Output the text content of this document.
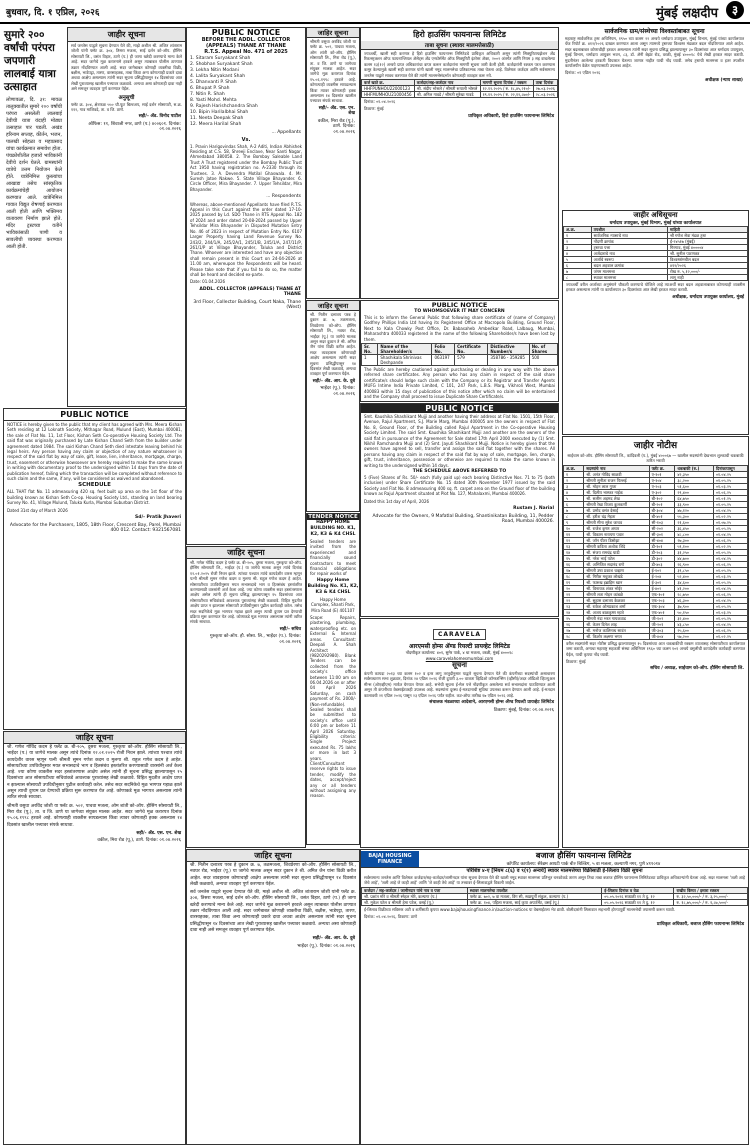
बुधवार, दि. १ एप्रिल, २०२६	मुंबई लक्षदीप	३
सुमारे २०० वर्षांची परंपरा जपणारी लालबाई यात्रा उत्साहात
लोणावळा, दि. ३१: मावळ तालुक्यातील सुमारे २०० वर्षांची परंपरा असलेली लालबाई देवीची यात्रा यंदाही मोठ्या उत्साहात पार पडली. अखंड हरिनाम सप्ताह, कीर्तन, भजन, पालखी सोहळा व महाप्रसाद यांचा कार्यक्रमात समावेश होता. पंचक्रोशीतील हजारो भाविकांनी देवीचे दर्शन घेतले. ग्रामस्थांनी यात्रेचे उत्तम नियोजन केले होते. यात्रेनिमित्त कुस्त्यांचा आखाडा तसेच सांस्कृतिक कार्यक्रमांचेही आयोजन करण्यात आले. यात्रेनिमित्त गावात विद्युत रोषणाई करण्यात आली होती आणि भक्तिमय वातावरण निर्माण झाले होते. मंदिर ट्रस्टच्या वतीने भाविकांसाठी पाणी व सावलीची व्यवस्था करण्यात आली होती.
जाहीर सूचना
सर्व जनतेस याद्वारे सूचना देण्यात येते की, माझे अशील श्री. अजित शांताराम जोशी यांनी फ्लॅट क्र. ३०४, तिसरा मजला, साई दर्शन को-ऑप. हौसिंग सोसायटी लि., वसंत विहार, ठाणे (प.) ही जागा खरेदी करण्याचे मान्य केले आहे. सदर जागेचे मूळ करारनामे हरवले असून त्याबाबत पोलीस ठाण्यात तक्रार नोंदविण्यात आली आहे. सदर जागेबाबत कोणाही व्यक्तीचा विक्री, बक्षीस, भाडेपट्टा, तारण, वारसाहक्क, ताबा किंवा अन्य कोणत्याही प्रकारे दावा अथवा आक्षेप असल्यास त्यांनी सदर सूचना प्रसिद्धीपासून १४ दिवसांच्या आत लेखी पुराव्यासह खालील पत्त्यावर कळवावे. अन्यथा असा कोणताही दावा नाही असे समजून व्यवहार पूर्ण करण्यात येईल.
अनुसूची
फ्लॅट क्र. ३०४, क्षेत्रफळ ५५० चौ.फूट बिल्टअप, साई दर्शन सोसायटी, स.क्र. ११२, गाव माजिवडे, ता. व जि. ठाणे.
सही/- अ‍ॅड. विनोद पाटील
ऑफिस: ११, शिवाजी नगर, ठाणे (प.) ४००६०१. दिनांक: ०१.०४.२०२६
PUBLIC NOTICE
NOTICE is hereby given to the public that my client has agreed with Mrs. Meera Kishan Seth residing at 12 Loknath Society, Mithagar Road, Mulund (East), Mumbai 400081, the sale of Flat No. 11, 1st Floor, Kishan Seth Co-operative Housing Society Ltd. The said flat was originally purchased by Late Kishan Chand Seth from the builder under agreement dated 1984. The said Kishan Chand Seth died intestate leaving behind his legal heirs. Any person having any claim or objection of any nature whatsoever in respect of the said flat by way of sale, gift, lease, lien, inheritance, mortgage, charge, trust, easement or otherwise howsoever are hereby required to make the same known in writing with documentary proof to the undersigned within 14 days from the date of publication hereof, failing which the transaction will be completed without reference to such claim and the same, if any, will be considered as waived and abandoned.
SCHEDULE
ALL THAT flat No. 11 admeasuring 420 sq. feet built up area on the 1st floor of the building known as Kishan Seth Co-op. Housing Society Ltd., standing on land bearing Survey No. 41, Village Mulund, Taluka Kurla, Mumbai Suburban District.
Dated 31st day of March 2026
Sd/- Pratik Jhaveri
Advocate for the Purchasers, 1805, 18th Floor, Crescent Bay, Parel, Mumbai 400 012. Contact: 9321567081
PUBLIC NOTICE
BEFORE THE ADDL. COLLECTOR (APPEALS) THANE AT THANE
R.T.S. Appeal No. 471 of 2025
1. Sitaram Suryakant Shah
2. Shobhan Suryakant Shah
3. Lekha Nitin Modani
4. Lalita Suryakant Shah
5. Dhanvanti P. Shah
6. Bhupat P. Shah
7. Nitin R. Shah
8. Yasti Mohd. Mehta
9. Rajesh Harishchandra Shah
10. Bipin Harilalbhai Shah
11. Neeta Deepak Shah
12. Meera Harilal Shah
... Appellants
Vs.
1. Pravin Harigovindas Shah, A-2 Aditi, Indian Abhishek Residing at C.S. 58, Shreeji Enclave, Near Santi Nagar, Ahmedabad 380058. 2. The Bombay Saleable Land Trust A Trust registered under the Bombay Public Trust Act 1950 having registration no. A-2330 through its Trustees. 3. A. Devendra Motilal Ghaswala. 4. Mr. Suresh Jatoe Nakwe. 5. State Village Bhayander. 6. Circle Officer, Mira Bhayander. 7. Upper Tehsildar, Mira Bhayander.
... Respondents
Whereas, above-mentioned Appellants have filed R.T.S. Appeal in this Court against the order dated 17-10-2025 passed by Ld. SDO Thane in RTS Appeal No. 182 of 2024 and order dated 20-08-2024 passed by Upper Tehsildar Mira Bhayander in Disputed Mutation Entry No. 46 of 2023 in respect of Mutation Entry No. 6107 Larger Property having Land Revenue Survey No. 243/2, 244/1/A, 245/2A/1, 245/1/B, 245/1/A, 247/11/P, 261/1/P at Village Bhayander, Taluka and District Thane. Whoever are interested and have any objection shall remain present in this Court on 24-04-2026 at 11.00 am, whereupon the Respondents will be heard. Please take note that if you fail to do so, the matter shall be heard and decided ex-parte.
Date: 01.04.2026
ADDL. COLLECTOR (APPEALS) THANE AT THANE
3rd Floor, Collector Building, Court Naka, Thane (West)
जाहिर सूचना
श्री. गणेश गोविंद कदम हे फ्लॅट क्र. बी-२०५, दुसरा मजला, गुरुकृपा को-ऑप. हौसिंग सोसायटी लि., भाईंदर (प.) या जागेचे मालक असून त्यांचे दिनांक १२.०१.२०२५ रोजी निधन झाले. त्यांच्या पश्चात त्यांचे कायदेशीर वारस म्हणून पत्नी श्रीमती सुमन गणेश कदम व मुलगा श्री. राहुल गणेश कदम हे आहेत. सोसायटीच्या उपविधीनुसार मयत सभासदाचे भाग व हितसंबंध हस्तांतरित करण्यासाठी वारसांनी अर्ज केला आहे. ज्या कोणा व्यक्तीस सदर हस्तांतरणास आक्षेप असेल त्यांनी ही सूचना प्रसिद्ध झाल्यापासून १५ दिवसांच्या आत सोसायटीच्या सचिवांकडे आवश्यक पुराव्यांसह लेखी कळवावे. विहित मुदतीत आक्षेप प्राप्त न झाल्यास सोसायटी उपविधीनुसार पुढील कार्यवाही करेल. तसेच सदर सदनिकेचे मूळ भागपत्र गहाळ झाले असून त्याची दुय्यम प्रत देण्याची प्रक्रिया सुरू करण्यात येत आहे. कोणाकडे मूळ भागपत्र असल्यास त्यांनी त्वरित संपर्क साधावा.
सही/- सचिव
गुरुकृपा को-ऑप. हौ. सोसा. लि., भाईंदर (प.). दिनांक: ०१.०४.२०२६
जाहिर सूचना
श्रीमती वसुधा अरविंद जोशी या फ्लॅट क्र. ५०२, पाचवा मजला, ओम शांती को-ऑप. हौसिंग सोसायटी लि., मिरा रोड (पू.), ता. व जि. ठाणे या जागेच्या संयुक्त मालक आहेत. सदर जागेचे मूळ करारपत्र दिनांक १५.०६.१९९८ हरवले आहे. कोणत्याही व्यक्तीस सापडल्यास किंवा त्यावर कोणताही हक्क असल्यास १४ दिवसांत खालील पत्त्यावर संपर्क साधावा.
सही/- अ‍ॅड. एस. एन. शेख
वकील, मिरा रोड (पू.), ठाणे. दिनांक: ०१.०४.२०२६
जाहिर सूचना
श्री. नितीन दत्तात्रय परब हे दुकान क्र. ७, तळमजला, शिवप्रेरणा को-ऑप. हौसिंग सोसायटी लि., नवघर रोड, भाईंदर (पू.) या जागेचे मालक असून सदर दुकान ते श्री. अमित जैन यांना विक्री करीत आहेत. सदर व्यवहारास कोणाचाही आक्षेप असल्यास त्यांनी सदर सूचना प्रसिद्धीपासून १४ दिवसांत लेखी कळवावे, अन्यथा व्यवहार पूर्ण करण्यात येईल.
सही/- अ‍ॅड. आर. के. दुबे
भाईंदर (पू.). दिनांक: ०१.०४.२०२६
TENDER NOTICE
HAPPY HOME BUILDING NO. K1, K2, K3 & K4 CHSL
Sealed tenders are invited from the experienced and financially sound contractors to meet financial obligations for repair works of
Happy Home Building No. K1, K2, K3 & K4 CHSL
Happy Home Complex, Shanti Park, Mira Road (E) 401107
Scope: Repairs, plastering, plumbing, waterproofing etc. on External & Internal areas. Consultant: Deepali A. Shah Architect (9820292980). Blank Tenders can be collected from the society's office between 11:00 am on 06.04.2026 on or after 04 April 2026 Saturday, on cash payment of Rs. 2000/- (Non-refundable). Sealed tenders shall be submitted to society's office until 6:00 pm or before 11 April 2026 Saturday. Eligibility criteria: Single Project executed Rs. 75 lakhs or more in last 3 years. Client/Consultant reserve rights to issue tender, modify the dates, accept/reject any or all tenders without assigning any reason.
हिरो हाउसिंग फायनान्स लिमिटेड
ताबा सूचना (स्थावर मालमत्तेसाठी)
ज्याअर्थी, खाली सही करणार हे हिरो हाउसिंग फायनान्स लिमिटेडचे प्राधिकृत अधिकारी असून त्यांनी सिक्युरिटायझेशन अँड रिकन्स्ट्रक्शन ऑफ फायनान्शियल ॲसेट्स अँड एन्फोर्समेंट ऑफ सिक्युरिटी इंटरेस्ट ॲक्ट, २००२ अंतर्गत आणि नियम ३ सह वाचलेल्या कलम १३(१२) अन्वये प्राप्त अधिकारांचा वापर करून कर्जदारांना मागणी सूचना जारी केली होती. कर्जदारांनी रक्कम परत करण्यास कसूर केल्यामुळे खाली सही करणार यांनी खाली नमूद मालमत्तेचा प्रतिकात्मक ताबा घेतला आहे. विशेषतः कर्जदार आणि सर्वसामान्य जनतेस याद्वारे सावध करण्यात येते की त्यांनी मालमत्तेसंदर्भात कोणताही व्यवहार करू नये.
कर्ज खाते क्र.	कर्जदार/सह-कर्जदार नाव	मागणी सूचना दिनांक / रक्कम	ताबा दिनांक
HHFPUNHOU22000123	श्री. संदीप भोसले / श्रीमती रूपाली भोसले	१२.१२.२०२५ / रु. १८,४५,२१०/-	२७.०३.२०२६
HHFMUMHOU21000456	श्री. अनिल गावडे / श्रीमती सुरेखा गावडे	१९.१२.२०२५ / रु. २२,१२,८७०/-	२८.०३.२०२६
दिनांक: ०१.०४.२०२६
ठिकाण: मुंबई
प्राधिकृत अधिकारी, हिरो हाउसिंग फायनान्स लिमिटेड
PUBLIC NOTICE
TO WHOMSOEVER IT MAY CONCERN
This is to inform the General Public that following share certificate of (name of Company) Godfrey Phillips India Ltd having its Registered Office at Macropolo Building, Ground Floor, Next to Kala Chowky Post Office, Dr. Babasaheb Ambedkar Road, Lalbaug, Mumbai, Maharashtra 400033 registered in the name of the following Shareholder/s have been lost by them.
Sr. No.	Name of the Shareholder/s	Folio No.	Certificate No.	Distinctive Number/s	No. of Shares
1	Shashikala Shrinivas Deshpande	063197	579	358786 - 359285	500
The Public are hereby cautioned against purchasing or dealing in any way with the above referred share certificates. Any person who has any claim in respect of the said share certificate/s should lodge such claim with the Company or its Registrar and Transfer Agents MUFG Intime India Private Limited, C 101, 247 Park, L.B.S. Marg, Vikhroli West, Mumbai 400083 within 15 days of publication of this notice after which no claim will be entertained and the Company shall proceed to issue Duplicate Share Certificate/s.
PUBLIC NOTICE
Smt. Kaushika Shashikant Mujji and another having their address at Flat No. 1501, 15th Floor, Avenue, Rajul Apartment, S.J. Marie Marg, Mumbai 400005 are the owners in respect of Flat No. 8, Ground Floor, of the Building called Rajul Apartment in the Co-operative Housing Society Limited. The said Smt. Kaushika Shashikant Mujji and another are the owners of the said flat in pursuance of the Agreement for Sale dated 17th April 2000 executed by (1) Smt. Nikhil Ramchandra Mujji and (2) Smt. Jayuti Shashikant Mujji. Notice is hereby given that the owners have agreed to sell, transfer and assign the said flat together with the shares. All persons having any claim in respect of the said flat by way of sale, mortgage, lien, charge, gift, trust, inheritance, possession or otherwise are required to make the same known in writing to the undersigned within 14 days.
THE SCHEDULE ABOVE REFERRED TO
5 (Five) Shares of Rs. 50/- each (fully paid up) each bearing Distinctive Nos. 71 to 75 (both inclusive) under Share Certificate No. 15 dated 30th November 1977 issued by the said Society and Flat No. 8 admeasuring 400 sq. ft. carpet area on the Ground floor of the building known as Rajul Apartment situated at Plot No. 127, Mahalaxmi, Mumbai 400026.
Dated this 1st day of April, 2026
Rustam J. Narial
Advocate for the Owners, 9 Mafatlal Building, Shantinikatan Building, 11, Pedder Road, Mumbai 400026.
CARAVELA
आरएमसी होम्स ॲण्ड रियल्टी प्रायव्हेट लिमिटेड
नोंदणीकृत कार्यालय: ४०१, सुमेर पार्क, ४ था मजला, वरळी, मुंबई ४०००१८
www.caravelahomesmumbai.com
सूचना
कंपनी कायदा २०१३ च्या कलम १०२ व इतर लागू तरतुदीनुसार याद्वारे सूचना देण्यात येते की कंपनीच्या सदस्यांची असाधारण सर्वसाधारण सभा शुक्रवार, दिनांक २४ एप्रिल २०२६ रोजी दुपारी ३.०० वाजता व्हिडिओ कॉन्फरन्सिंग (व्हीसी)/अदर ऑडिओ व्हिज्युअल मीन्स (ओएव्हीएम) मार्फत घेण्यात येणार आहे. सभेची सूचना ई-मेल पत्ते नोंदणीकृत असलेल्या सर्व सभासदांना पाठविण्यात आली असून ती कंपनीच्या वेबसाईटवरही उपलब्ध आहे. सदस्यांना दूरस्थ ई-मतदानाची सुविधा उपलब्ध करून देण्यात आली आहे. ई-मतदान कालावधी २१ एप्रिल २०२६ पासून २३ एप्रिल २०२६ पर्यंत राहील. कट-ऑफ तारीख १७ एप्रिल २०२६ आहे.
संचालक मंडळाच्या आदेशाने, आरएमसी होम्स ॲण्ड रियल्टी प्रायव्हेट लिमिटेड
ठिकाण: मुंबई, दिनांक: ०१.०४.२०२६
सार्वजनिक ग्राम/संस्थेच्या विश्वस्तांबाबत सूचना
महाराष्ट्र सार्वजनिक ट्रस्ट अधिनियम, १९५० च्या कलम २२ अन्वये धर्मादाय उपायुक्त, मुंबई विभाग, मुंबई यांच्या कार्यालयात चेंज रिपोर्ट क्र. ४१२/२०२६ दाखल करण्यात आला असून त्यामध्ये ट्रस्टच्या विश्वस्त मंडळात बदल नोंदविण्यात आले आहेत. सदर बदलाबाबत कोणाचीही हरकत असल्यास त्यांनी सदर सूचना प्रसिद्ध झाल्यापासून ३० दिवसांच्या आत धर्मादाय उपायुक्त, मुंबई विभाग, धर्मादाय आयुक्त भवन, ८३, डॉ. ॲनी बेझंट रोड, वरळी, मुंबई ४०००१८ येथे लेखी हरकत सादर करावी. मुदतीनंतर आलेल्या हरकती विचारात घेतल्या जाणार नाहीत याची नोंद घ्यावी. तसेच ट्रस्टची मालमत्ता व इतर तपशील कार्यालयीन वेळेत पाहण्यासाठी उपलब्ध आहेत.
दिनांक: ०१ एप्रिल २०२६
अधीक्षक (न्याय शाखा)
जाहीर अधिसूचना
धर्मादाय उपायुक्त, मुंबई विभाग, मुंबई यांच्या कार्यालयात
अ.क्र.	तपशील	माहिती
१	सार्वजनिक न्यासाचे नाव	श्री गणेश सेवा मंडळ ट्रस्ट
२	नोंदणी क्रमांक	ई-२४५१७ (मुंबई)
३	ट्रस्टचा पत्ता	गिरगाव, मुंबई ४००००४
४	अर्जदाराचे नाव	श्री. सुनील पाटणकर
५	अर्जाचे स्वरूप	विश्वस्तांमधील बदल
६	बदल अहवाल क्रमांक	४१२/२०२६
७	जंगम मालमत्ता	रोख रु. ५,१२,०००/-
८	स्थावर मालमत्ता	लागू नाही
ज्याअर्थी वरील अर्जाच्या अनुषंगाने चौकशी करण्याचे योजिले आहे त्याअर्थी सदर बदल अहवालाबाबत कोणत्याही व्यक्तीस हरकत असल्यास त्यांनी या कार्यालयात ३० दिवसांच्या आत लेखी हरकत सादर करावी.
अधीक्षक, धर्मादाय उपायुक्त कार्यालय, मुंबई
जाहीर नोटीस
साईधाम को-ऑप. हौसिंग सोसायटी लि., कांदिवली (प.), मुंबई ४०००६७ — खालील सदस्यांनी देखभाल शुल्काची थकबाकी त्वरित भरावी
अ.क्र.	सदस्यांचे नाव	फ्लॅट क्र.	थकबाकी (रु.)	दिनांकापासून
१	श्री. अनंत गोविंद साळवी	ए-१०१	४२,३५०	०१.०४.२५
२	श्रीमती सुनीता राजन पिल्लई	ए-१०४	३८,२००	०१.०५.२५
३	श्री. मोहन लाल गुप्ता	ए-२०३	५१,६००	०१.०३.२५
४	श्री. दिलीप भास्कर नाईक	ए-३०२	२९,४००	०१.०६.२५
५	श्री. सलीम अहमद शेख	बी-१०२	६४,७५०	०१.०१.२५
६	श्रीमती रेखा विजय कुलकर्णी	बी-२०१	३३,९००	०१.०५.२५
७	श्री. प्रमोद वसंत देसाई	बी-३०४	४७,१२०	०१.०४.२५
८	श्री. हरीश चंद्र मेहता	बी-४०१	५५,३००	०१.०२.२५
९	श्रीमती मीना सुरेश जाधव	सी-१०३	२१,६००	०१.०७.२५
१०	श्री. राजेश कृष्ण अय्यर	सी-२०२	३६,४५०	०१.०५.२५
११	श्री. विकास नारायण पवार	सी-३०१	४८,८००	०१.०४.२५
१२	श्री. जॉन पीटर डिसोझा	सी-४०४	२७,३००	०१.०६.२५
१३	श्रीमती कविता अशोक शिंदे	डी-१०१	५९,१००	०१.०२.२५
१४	श्री. संजय रामचंद्र घाडी	डी-२०३	३१,२५०	०१.०५.२५
१५	श्री. नरेश भाई पटेल	डी-३०२	४४,७००	०१.०४.२५
१६	श्री. अभिजित सदानंद राणे	डी-४०३	२६,९००	०१.०६.२५
१७	श्रीमती उषा प्रकाश चव्हाण	ई-१०२	३९,८५०	०१.०५.२५
१८	श्री. गिरीश मधुकर लोखंडे	ई-२०४	५२,४००	०१.०३.२५
१९	श्री. फारुख इब्राहिम खान	ई-३०१	३४,६००	०१.०५.२५
२०	श्री. विनायक शंकर भोईर	ई-४०२	४१,२००	०१.०४.२५
२१	श्रीमती लता मोहन कांबळे	एफ-१०१	२८,७५०	०१.०६.२५
२२	श्री. सुहास दत्तात्रय केळकर	एफ-२०३	४६,३००	०१.०४.२५
२३	श्री. राकेश ओमप्रकाश शर्मा	एफ-३०४	३७,९००	०१.०५.२५
२४	श्री. अजय बाळकृष्ण म्हात्रे	एफ-४०१	५०,१५०	०१.०३.२५
२५	श्रीमती नंदा भरत गायकवाड	जी-१०२	३२,४००	०१.०५.२५
२६	श्री. केतन दिनेश शाह	जी-२०१	४३,८५०	०१.०४.२५
२७	श्री. मनोज काशिनाथ सावंत	जी-३०३	२५,६००	०१.०६.२५
२८	श्री. किशोर लक्ष्मण भगत	जी-४०४	५७,२००	०१.०२.२५
वरील सदस्यांनी सदर नोटीस प्रसिद्ध झाल्यापासून १५ दिवसांच्या आत थकबाकीची रक्कम व्याजासह सोसायटीच्या कार्यालयात जमा करावी, अन्यथा महाराष्ट्र सहकारी संस्था अधिनियम १९६० च्या कलम १०१ अन्वये वसुलीची कायदेशीर कार्यवाही करण्यात येईल, याची कृपया नोंद घ्यावी.
ठिकाण: मुंबई
सचिव / अध्यक्ष, साईधाम को-ऑप. हौसिंग सोसायटी लि.
BAJAJ HOUSING FINANCE
बजाज हौसिंग फायनान्स लिमिटेड
कॉर्पोरेट कार्यालय: सेरेब्रम आयटी पार्क बी२ बिल्डिंग, ५ वा मजला, कल्याणी नगर, पुणे ४११०१४
परिशिष्ट ४-ए [नियम ८(६) व ९(१) अन्वये] स्थावर मालमत्तेच्या विक्रीसाठी ई-लिलाव विक्री सूचना
सर्वसामान्य जनतेस आणि विशेषतः कर्जदार/सह-कर्जदार/जामीनदार यांना सूचना देण्यात येते की खाली नमूद स्थावर मालमत्ता प्रतिभूत धनकोकडे तारण असून तिचा ताबा बजाज हौसिंग फायनान्स लिमिटेडच्या प्राधिकृत अधिकाऱ्यांनी घेतला आहे. सदर मालमत्ता 'जशी आहे जेथे आहे', 'जशी आहे जे काही आहे' आणि 'जे काही तेथे आहे' या तत्त्वावर ई-लिलावाद्वारे विकली जाईल.
कर्जदार / सह-कर्जदार / जामीनदार यांचे नाव व पत्ता	स्थावर मालमत्तेचा तपशील	ई-लिलाव दिनांक व वेळ	राखीव किंमत / इसारा रक्कम
श्री. प्रशांत मोरे व श्रीमती स्नेहल मोरे, कल्याण (प.)	फ्लॅट क्र. ७०२, ७ वा मजला, विंग सी, स्वप्नपूर्ती संकुल, कल्याण (प.)	०५.०५.२०२६ सकाळी ११ ते दु. १२	रु. ३२,५०,०००/- / रु. ३,२५,०००/-
श्री. मुकेश पटेल व श्रीमती हेमा पटेल, वसई (पू.)	फ्लॅट क्र. १०४, पहिला मजला, साई कृपा अपार्टमेंट, वसई (पू.)	०५.०५.२०२६ सकाळी ११ ते दु. १२	रु. १८,७५,०००/- / रु. १,८७,५००/-
ई-लिलाव विक्रीच्या सविस्तर अटी व शर्तींसाठी कृपया www.bajajhousingfinance.in/auction-notices या वेबसाईटला भेट द्यावी. बोलीदारांनी लिलावात सहभागी होण्यापूर्वी मालमत्तेची तपासणी करून घ्यावी.
दिनांक: ०१.०४.२०२६, ठिकाण: ठाणे
प्राधिकृत अधिकारी, बजाज हौसिंग फायनान्स लिमिटेड
जाहिर सूचना
श्री. गणेश गोविंद कदम हे फ्लॅट क्र. बी-२०५, दुसरा मजला, गुरुकृपा को-ऑप. हौसिंग सोसायटी लि., भाईंदर (प.) या जागेचे मालक असून त्यांचे दिनांक १२.०१.२०२५ रोजी निधन झाले. त्यांच्या पश्चात त्यांचे कायदेशीर वारस म्हणून पत्नी श्रीमती सुमन गणेश कदम व मुलगा श्री. राहुल गणेश कदम हे आहेत. सोसायटीच्या उपविधीनुसार मयत सभासदाचे भाग व हितसंबंध हस्तांतरित करण्यासाठी वारसांनी अर्ज केला आहे. ज्या कोणा व्यक्तीस सदर हस्तांतरणास आक्षेप असेल त्यांनी ही सूचना प्रसिद्ध झाल्यापासून १५ दिवसांच्या आत सोसायटीच्या सचिवांकडे आवश्यक पुराव्यांसह लेखी कळवावे. विहित मुदतीत आक्षेप प्राप्त न झाल्यास सोसायटी उपविधीनुसार पुढील कार्यवाही करेल. तसेच सदर सदनिकेचे मूळ भागपत्र गहाळ झाले असून त्याची दुय्यम प्रत देण्याची प्रक्रिया सुरू करण्यात येत आहे. कोणाकडे मूळ भागपत्र असल्यास त्यांनी त्वरित संपर्क साधावा.
श्रीमती वसुधा अरविंद जोशी या फ्लॅट क्र. ५०२, पाचवा मजला, ओम शांती को-ऑप. हौसिंग सोसायटी लि., मिरा रोड (पू.), ता. व जि. ठाणे या जागेच्या संयुक्त मालक आहेत. सदर जागेचे मूळ करारपत्र दिनांक १५.०६.१९९८ हरवले आहे. कोणत्याही व्यक्तीस सापडल्यास किंवा त्यावर कोणताही हक्क असल्यास १४ दिवसांत खालील पत्त्यावर संपर्क साधावा.
सही/- अ‍ॅड. एस. एन. शेख
वकील, मिरा रोड (पू.), ठाणे. दिनांक: ०१.०४.२०२६
जाहिर सूचना
श्री. नितीन दत्तात्रय परब हे दुकान क्र. ७, तळमजला, शिवप्रेरणा को-ऑप. हौसिंग सोसायटी लि., नवघर रोड, भाईंदर (पू.) या जागेचे मालक असून सदर दुकान ते श्री. अमित जैन यांना विक्री करीत आहेत. सदर व्यवहारास कोणाचाही आक्षेप असल्यास त्यांनी सदर सूचना प्रसिद्धीपासून १४ दिवसांत लेखी कळवावे, अन्यथा व्यवहार पूर्ण करण्यात येईल.
सर्व जनतेस याद्वारे सूचना देण्यात येते की, माझे अशील श्री. अजित शांताराम जोशी यांनी फ्लॅट क्र. ३०४, तिसरा मजला, साई दर्शन को-ऑप. हौसिंग सोसायटी लि., वसंत विहार, ठाणे (प.) ही जागा खरेदी करण्याचे मान्य केले आहे. सदर जागेचे मूळ करारनामे हरवले असून त्याबाबत पोलीस ठाण्यात तक्रार नोंदविण्यात आली आहे. सदर जागेबाबत कोणाही व्यक्तीचा विक्री, बक्षीस, भाडेपट्टा, तारण, वारसाहक्क, ताबा किंवा अन्य कोणत्याही प्रकारे दावा अथवा आक्षेप असल्यास त्यांनी सदर सूचना प्रसिद्धीपासून १४ दिवसांच्या आत लेखी पुराव्यासह खालील पत्त्यावर कळवावे. अन्यथा असा कोणताही दावा नाही असे समजून व्यवहार पूर्ण करण्यात येईल.
सही/- अ‍ॅड. आर. के. दुबे
भाईंदर (पू.). दिनांक: ०१.०४.२०२६
